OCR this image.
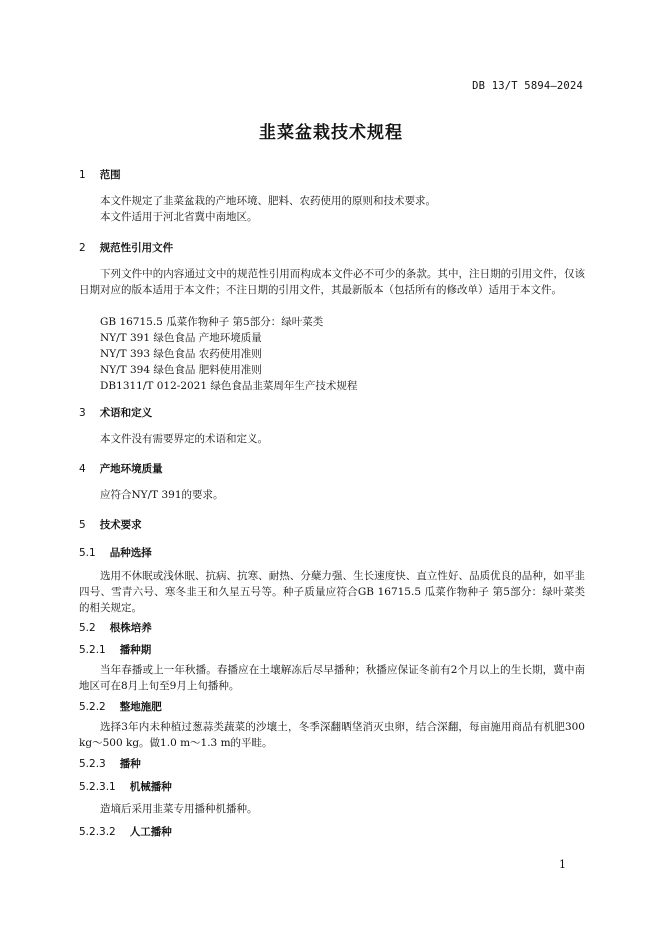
DB 13/T 5894—2024
韭菜盆栽技术规程
1 范围
本文件规定了韭菜盆栽的产地环境、肥料、农药使用的原则和技术要求。
本文件适用于河北省冀中南地区。
2 规范性引用文件
下列文件中的内容通过文中的规范性引用而构成本文件必不可少的条款。其中，注日期的引用文件，仅该日期对应的版本适用于本文件；不注日期的引用文件，其最新版本（包括所有的修改单）适用于本文件。
GB 16715.5 瓜菜作物种子 第5部分：绿叶菜类
NY/T 391 绿色食品 产地环境质量
NY/T 393 绿色食品 农药使用准则
NY/T 394 绿色食品 肥料使用准则
DB1311/T 012-2021 绿色食品韭菜周年生产技术规程
3 术语和定义
本文件没有需要界定的术语和定义。
4 产地环境质量
应符合NY/T 391的要求。
5 技术要求
5.1 品种选择
选用不休眠或浅休眠、抗病、抗寒、耐热、分蘖力强、生长速度快、直立性好、品质优良的品种，如平韭四号、雪青六号、寒冬韭王和久星五号等。种子质量应符合GB 16715.5 瓜菜作物种子 第5部分：绿叶菜类的相关规定。
5.2 根株培养
5.2.1 播种期
当年春播或上一年秋播。春播应在土壤解冻后尽早播种；秋播应保证冬前有2个月以上的生长期，冀中南地区可在8月上旬至9月上旬播种。
5.2.2 整地施肥
选择3年内未种植过葱蒜类蔬菜的沙壤土，冬季深翻晒垡消灭虫卵，结合深翻，每亩施用商品有机肥300 kg～500 kg。做1.0 m～1.3 m的平畦。
5.2.3 播种
5.2.3.1 机械播种
造墒后采用韭菜专用播种机播种。
5.2.3.2 人工播种
1
